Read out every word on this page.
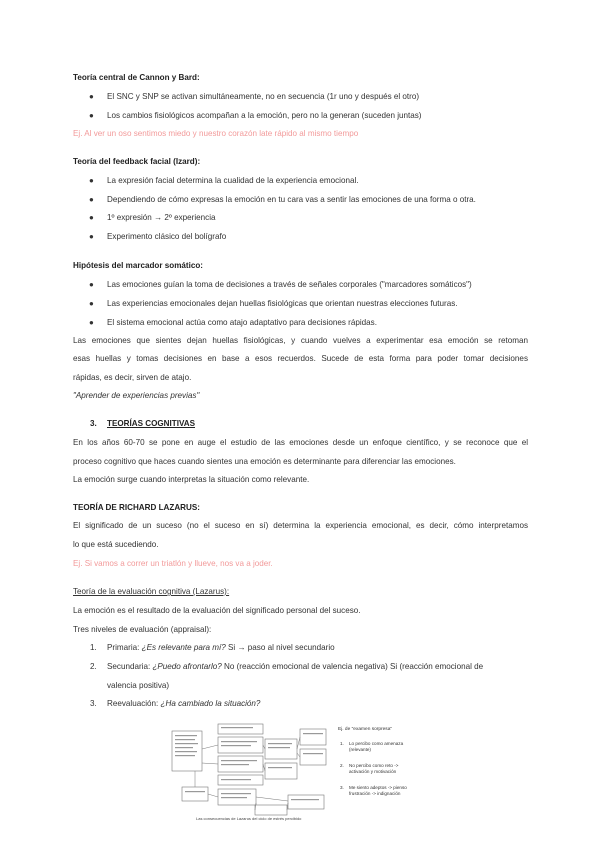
Teoría central de Cannon y Bard:
● El SNC y SNP se activan simultáneamente, no en secuencia (1r uno y después el otro)
● Los cambios fisiológicos acompañan a la emoción, pero no la generan (suceden juntas)
Ej. Al ver un oso sentimos miedo y nuestro corazón late rápido al mismo tiempo
Teoría del feedback facial (Izard):
● La expresión facial determina la cualidad de la experiencia emocional.
● Dependiendo de cómo expresas la emoción en tu cara vas a sentir las emociones de una forma o otra.
● 1º expresión → 2º experiencia
● Experimento clásico del bolígrafo
Hipótesis del marcador somático:
● Las emociones guían la toma de decisiones a través de señales corporales ("marcadores somáticos")
● Las experiencias emocionales dejan huellas fisiológicas que orientan nuestras elecciones futuras.
● El sistema emocional actúa como atajo adaptativo para decisiones rápidas.
Las emociones que sientes dejan huellas fisiológicas, y cuando vuelves a experimentar esa emoción se retoman
esas huellas y tomas decisiones en base a esos recuerdos. Sucede de esta forma para poder tomar decisiones
rápidas, es decir, sirven de atajo.
"Aprender de experiencias previas"
3. TEORÍAS COGNITIVAS
En los años 60-70 se pone en auge el estudio de las emociones desde un enfoque científico, y se reconoce que el
proceso cognitivo que haces cuando sientes una emoción es determinante para diferenciar las emociones.
La emoción surge cuando interpretas la situación como relevante.
TEORÍA DE RICHARD LAZARUS:
El significado de un suceso (no el suceso en sí) determina la experiencia emocional, es decir, cómo interpretamos
lo que está sucediendo.
Ej. Si vamos a correr un triatlón y llueve, nos va a joder.
Teoría de la evaluación cognitiva (Lazarus):
La emoción es el resultado de la evaluación del significado personal del suceso.
Tres niveles de evaluación (appraisal):
1. Primaria: ¿Es relevante para mí? Si → paso al nivel secundario
2. Secundaria: ¿Puedo afrontarlo? No (reacción emocional de valencia negativa) Si (reacción emocional de
valencia positiva)
3. Reevaluación: ¿Ha cambiado la situación?
Ej. de "examen sorpresa"
1. Lo percibo como amenaza
(relevante)
2. No percibo como reto ->
activación y motivación
3. Me siento adeptos -> pienso
frustración -> indignación
Las consecuencias de Lazarus del ciclo de estrés percibido
